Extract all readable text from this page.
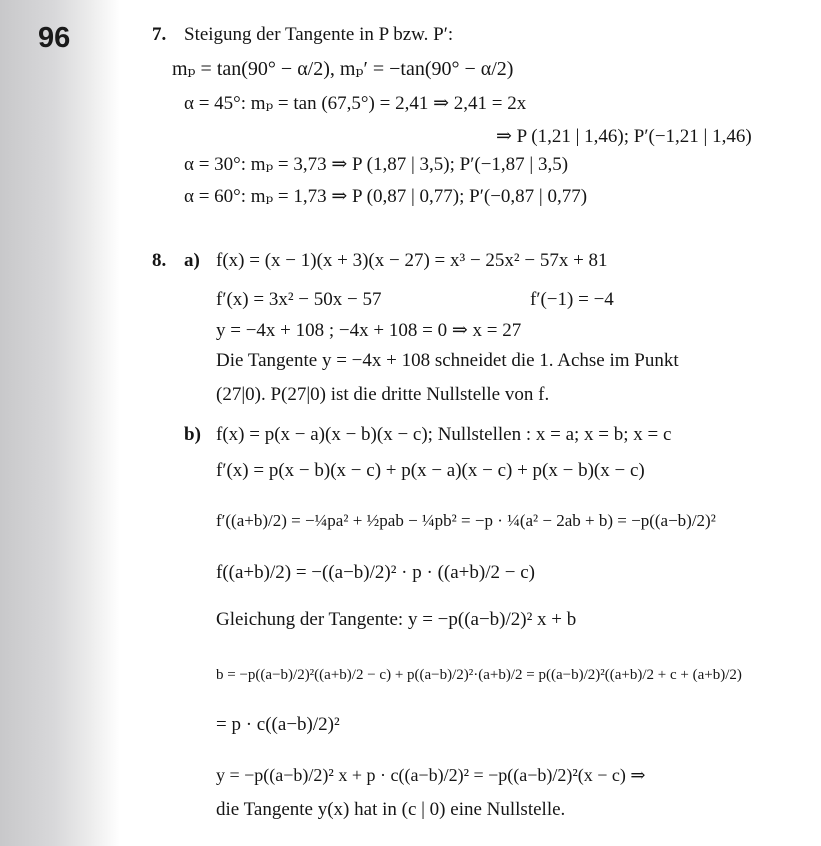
96	7. Steigung der Tangente in P bzw. P′:
mₚ = tan(90° − α/2), mₚ′ = −tan(90° − α/2)
α = 45°: mₚ = tan (67,5°) = 2,41 ⇒ 2,41 = 2x
⇒ P (1,21 | 1,46); P′(−1,21 | 1,46)
α = 30°: mₚ = 3,73 ⇒ P (1,87 | 3,5); P′(−1,87 | 3,5)
α = 60°: mₚ = 1,73 ⇒ P (0,87 | 0,77); P′(−0,87 | 0,77)
8. a) f(x) = (x − 1)(x + 3)(x − 27) = x³ − 25x² − 57x + 81
f′(x) = 3x² − 50x − 57	f′(−1) = −4
y = −4x + 108 ; −4x + 108 = 0 ⇒ x = 27
Die Tangente y = −4x + 108 schneidet die 1. Achse im Punkt
(27|0). P(27|0) ist die dritte Nullstelle von f.
b) f(x) = p(x − a)(x − b)(x − c); Nullstellen : x = a; x = b; x = c
f′(x) = p(x − b)(x − c) + p(x − a)(x − c) + p(x − b)(x − c)
f′((a+b)/2) = −¼pa² + ½pab − ¼pb² = −p · ¼(a² − 2ab + b) = −p((a−b)/2)²
f((a+b)/2) = −((a−b)/2)² · p · ((a+b)/2 − c)
Gleichung der Tangente: y = −p((a−b)/2)² x + b
b = −p((a−b)/2)²((a+b)/2 − c) + p((a−b)/2)²·(a+b)/2 = p((a−b)/2)²((a+b)/2 + c + (a+b)/2)
= p · c((a−b)/2)²
y = −p((a−b)/2)² x + p · c((a−b)/2)² = −p((a−b)/2)²(x − c) ⇒
die Tangente y(x) hat in (c | 0) eine Nullstelle.
